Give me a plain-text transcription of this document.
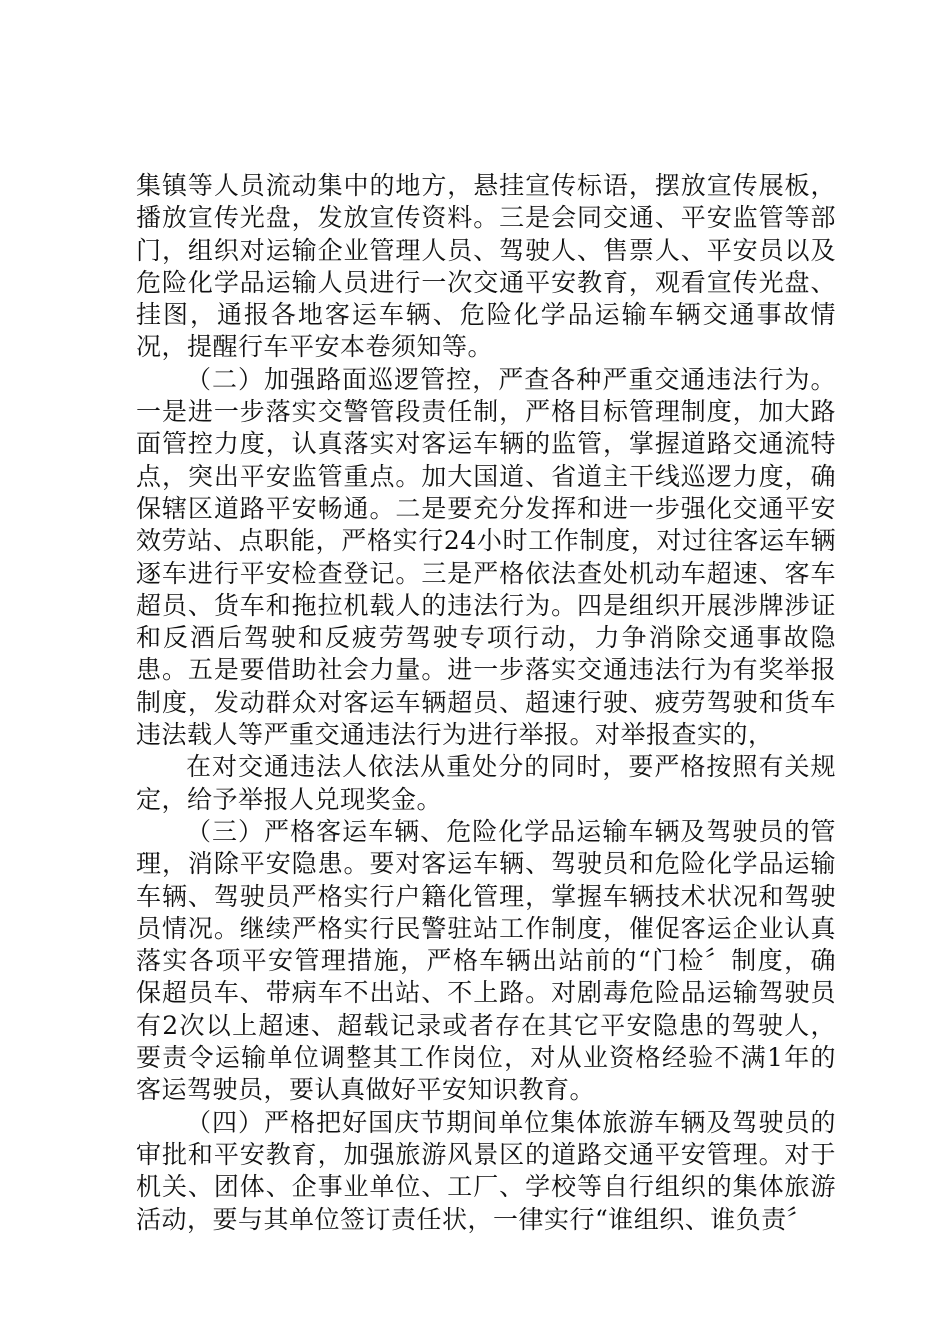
集镇等人员流动集中的地方，悬挂宣传标语，摆放宣传展板，播放宣传光盘，发放宣传资料。三是会同交通、平安监管等部门，组织对运输企业管理人员、驾驶人、售票人、平安员以及危险化学品运输人员进行一次交通平安教育，观看宣传光盘、挂图，通报各地客运车辆、危险化学品运输车辆交通事故情况，提醒行车平安本卷须知等。

（二）加强路面巡逻管控，严查各种严重交通违法行为。一是进一步落实交警管段责任制，严格目标管理制度，加大路面管控力度，认真落实对客运车辆的监管，掌握道路交通流特点，突出平安监管重点。加大国道、省道主干线巡逻力度，确保辖区道路平安畅通。二是要充分发挥和进一步强化交通平安效劳站、点职能，严格实行24小时工作制度，对过往客运车辆逐车进行平安检查登记。三是严格依法查处机动车超速、客车超员、货车和拖拉机载人的违法行为。四是组织开展涉牌涉证和反酒后驾驶和反疲劳驾驶专项行动，力争消除交通事故隐患。五是要借助社会力量。进一步落实交通违法行为有奖举报制度，发动群众对客运车辆超员、超速行驶、疲劳驾驶和货车违法载人等严重交通违法行为进行举报。对举报查实的，

在对交通违法人依法从重处分的同时，要严格按照有关规定，给予举报人兑现奖金。

（三）严格客运车辆、危险化学品运输车辆及驾驶员的管理，消除平安隐患。要对客运车辆、驾驶员和危险化学品运输车辆、驾驶员严格实行户籍化管理，掌握车辆技术状况和驾驶员情况。继续严格实行民警驻站工作制度，催促客运企业认真落实各项平安管理措施，严格车辆出站前的“门检〞制度，确保超员车、带病车不出站、不上路。对剧毒危险品运输驾驶员有2次以上超速、超载记录或者存在其它平安隐患的驾驶人，要责令运输单位调整其工作岗位，对从业资格经验不满1年的客运驾驶员，要认真做好平安知识教育。

（四）严格把好国庆节期间单位集体旅游车辆及驾驶员的审批和平安教育，加强旅游风景区的道路交通平安管理。对于机关、团体、企事业单位、工厂、学校等自行组织的集体旅游活动，要与其单位签订责任状，一律实行“谁组织、谁负责〞
